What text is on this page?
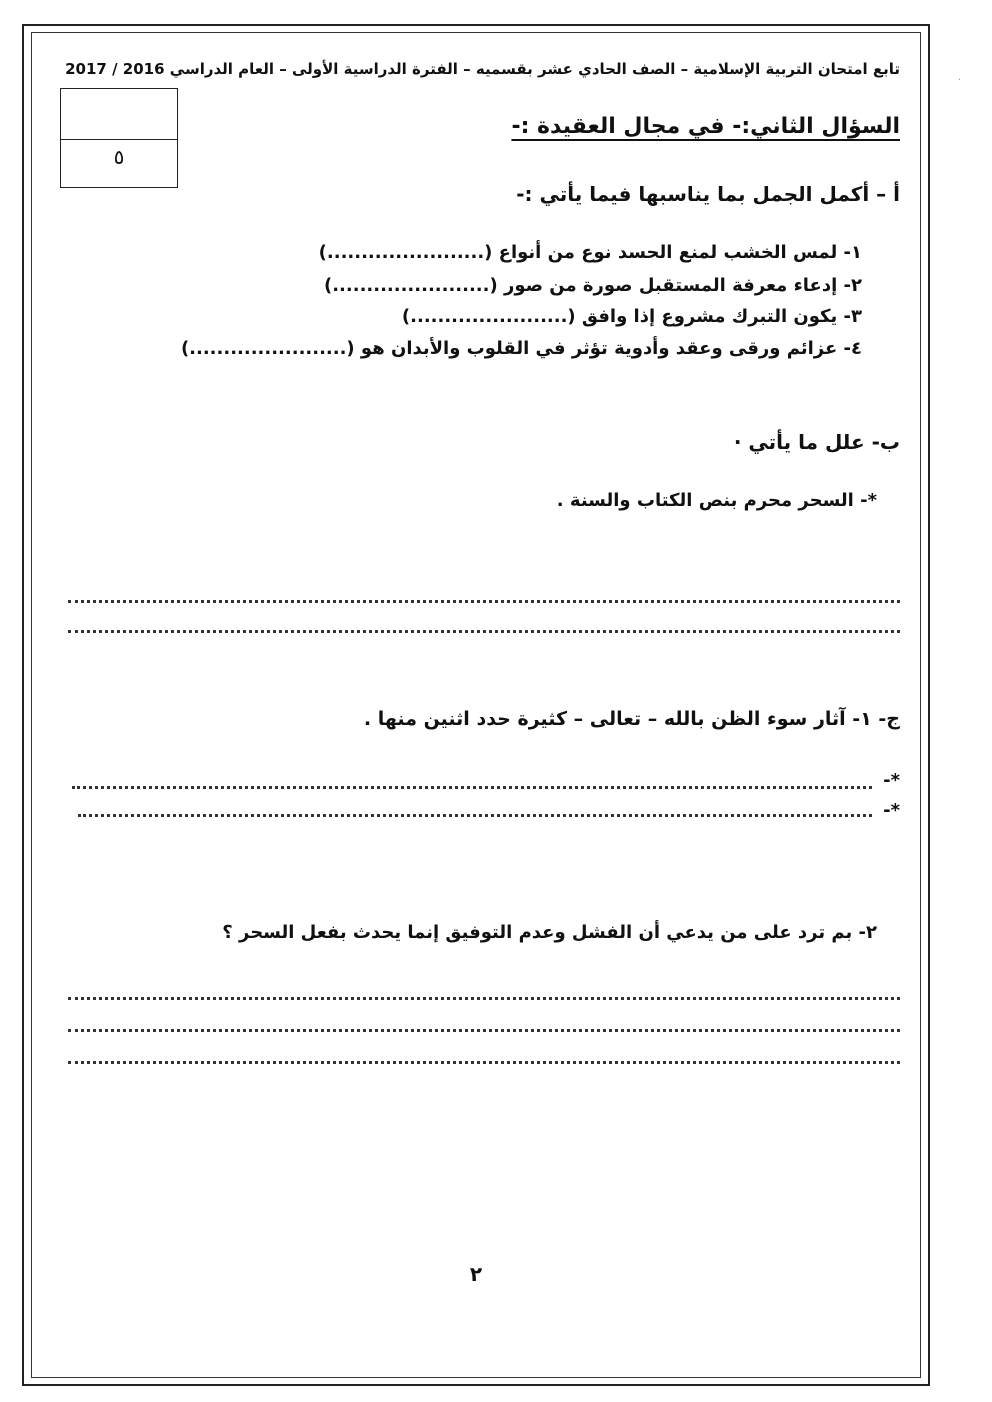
.
تابع امتحان التربية الإسلامية – الصف الحادي عشر بقسميه – الفترة الدراسية الأولى – العام الدراسي 2016 / 2017
٥
السؤال الثاني:- في مجال العقيدة :-
أ – أكمل الجمل بما يناسبها فيما يأتي :-
١- لمس الخشب لمنع الحسد نوع من أنواع (.......................)
٢- إدعاء معرفة المستقبل صورة من صور (.......................)
٣- يكون التبرك مشروع إذا وافق (.......................)
٤- عزائم ورقى وعقد وأدوية تؤثر في القلوب والأبدان هو (.......................)
ب- علل ما يأتي ·
*- السحر محرم بنص الكتاب والسنة .
ج- ١- آثار سوء الظن بالله – تعالى – كثيرة حدد اثنين منها .
*-
*-
٢- بم ترد على من يدعي أن الفشل وعدم التوفيق إنما يحدث بفعل السحر ؟
٢
